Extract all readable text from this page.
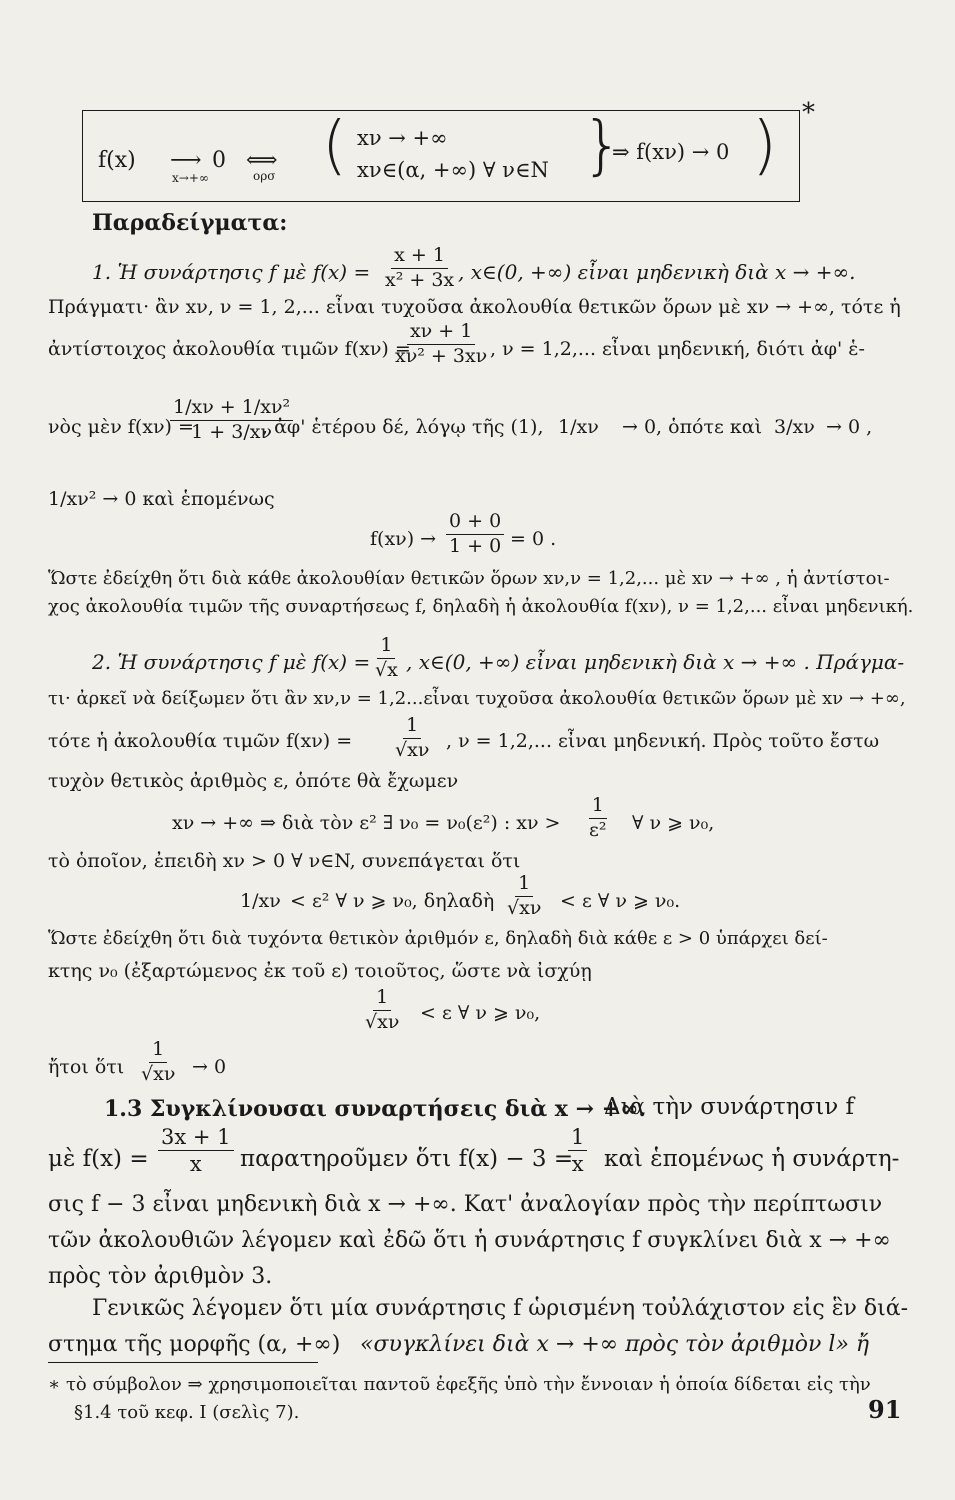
*
f(x) ⟶
x→+∞
0 ⟺
ορσ ( xν → +∞
xν∈(α, +∞) ∀ ν∈N }
⇒ f(xν) → 0 )
Παραδείγματα:
1. Ἡ συνάρτησις f μὲ $f(x) = \frac{x + 1}{\text{x² + 3x}}$ , x∈(0, +∞) εἶναι μηδενικὴ διὰ x → +∞.
Πράγματι· ἂν xν, ν = 1, 2,... εἶναι τυχοῦσα ἀκολουθία θετικῶν ὅρων μὲ xν → +∞, τότε ἡ
ἀντίστοιχος ἀκολουθία τιμῶν f(xν) =
$\frac{x\nu + 1}{\text{xν² + 3xν}}$ , ν = 1,2,... εἶναι μηδενική, διότι ἀφ' ἑ-
νὸς μὲν f(xν) =
$\frac{\text{1/xν + 1/xν²}}{1 + 3/x\nu}$
, ἀφ' ἑτέρου δέ, λόγῳ τῆς (1), 1/xν → 0, ὁπότε καὶ 3/xν → 0 ,
1/xν² → 0 καὶ ἑπομένως
$f(x\nu) \to \frac{0 + 0}{1 + 0} = 0$ .
Ὥστε ἐδείχθη ὅτι διὰ κάθε ἀκολουθίαν θετικῶν ὅρων xν,ν = 1,2,... μὲ xν → +∞ , ἡ ἀντίστοι-
χος ἀκολουθία τιμῶν τῆς συναρτήσεως f, δηλαδὴ ἡ ἀκολουθία f(xν), ν = 1,2,... εἶναι μηδενική.
2. Ἡ συνάρτησις f μὲ $f(x) = \frac{1}{√x}$ , x∈(0, +∞) εἶναι μηδενικὴ διὰ x → +∞ . Πράγμα-
τι· ἀρκεῖ νὰ δείξωμεν ὅτι ἂν xν,ν = 1,2...εἶναι τυχοῦσα ἀκολουθία θετικῶν ὅρων μὲ xν → +∞,
τότε ἡ ἀκολουθία τιμῶν $f(x\nu) = \frac{1}{√x\nu}$ , ν = 1,2,... εἶναι μηδενική. Πρὸς τοῦτο ἔστω
τυχὸν θετικὸς ἀριθμὸς ε, ὁπότε θὰ ἔχωμεν
xν → +∞ ⇒ διὰ τὸν ε² ∃ ν₀ = ν₀(ε²) : $x\nu > \frac{1}{\text{ε²}}$ ∀ ν ⩾ ν₀,
τὸ ὁποῖον, ἐπειδὴ xν > 0 ∀ ν∈N, συνεπάγεται ὅτι
1/xν < ε² ∀ ν ⩾ ν₀, δηλαδὴ $\frac{1}{√x\nu} < \varepsilon$ ∀ ν ⩾ ν₀.
Ὥστε ἐδείχθη ὅτι διὰ τυχόντα θετικὸν ἀριθμόν ε, δηλαδὴ διὰ κάθε ε > 0 ὑπάρχει δεί-
κτης ν₀ (ἐξαρτώμενος ἐκ τοῦ ε) τοιοῦτος, ὥστε νὰ ἰσχύῃ
$\frac{1}{√x\nu} < \varepsilon$ ∀ ν ⩾ ν₀,
ἤτοι ὅτι $\frac{1}{√x\nu} \to 0$
1.3 Συγκλίνουσαι συναρτήσεις διὰ x → +∞.
Διὰ τὴν συνάρτησιν f
μὲ $f(x) = \frac{3x + 1}{x}$ παρατηροῦμεν ὅτι f(x) − 3 =
$\frac{1}{x}$ καὶ ἑπομένως ἡ συνάρτη-
σις f − 3 εἶναι μηδενικὴ διὰ x → +∞. Κατ' ἀναλογίαν πρὸς τὴν περίπτωσιν
τῶν ἀκολουθιῶν λέγομεν καὶ ἐδῶ ὅτι ἡ συνάρτησις f συγκλίνει διὰ x → +∞
πρὸς τὸν ἀριθμὸν 3.
Γενικῶς λέγομεν ὅτι μία συνάρτησις f ὡρισμένη τοὐλάχιστον εἰς ἓν διά-
στημα τῆς μορφῆς (α, +∞) «συγκλίνει διὰ x → +∞ πρὸς τὸν ἀριθμὸν l» ἤ
∗ τὸ σύμβολον ⇒ χρησιμοποιεῖται παντοῦ ἑφεξῆς ὑπὸ τὴν ἔννοιαν ἡ ὁποία δίδεται εἰς τὴν
§1.4 τοῦ κεφ. I (σελὶς 7).	91
